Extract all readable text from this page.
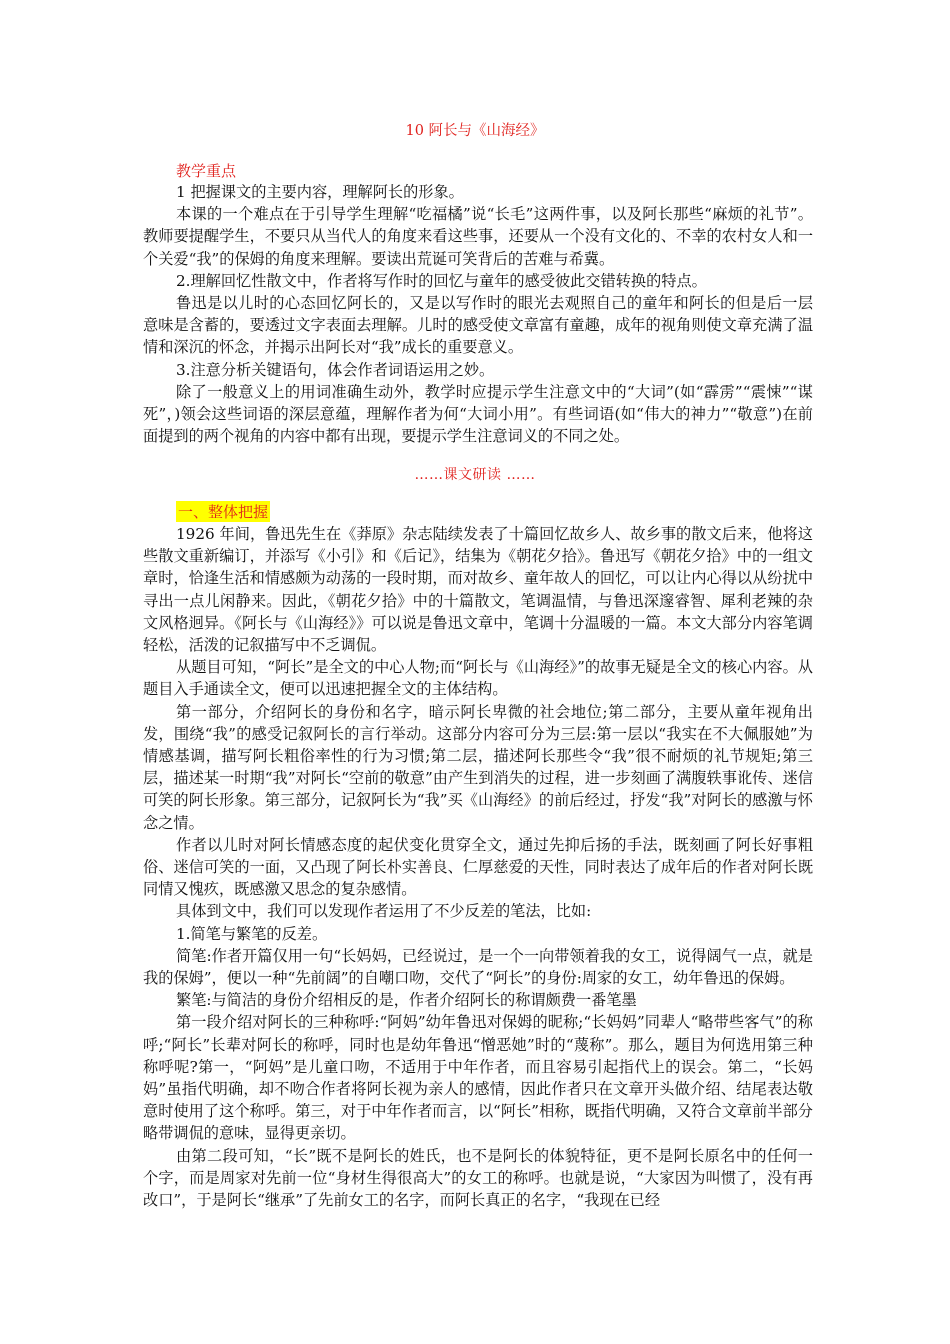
10 阿长与《山海经》
教学重点

1 把握课文的主要内容，理解阿长的形象。

本课的一个难点在于引导学生理解“吃福橘”说“长毛”这两件事，以及阿长那些“麻烦的礼节”。教师要提醒学生，不要只从当代人的角度来看这些事，还要从一个没有文化的、不幸的农村女人和一个关爱“我”的保姆的角度来理解。要读出荒诞可笑背后的苦难与希冀。

2.理解回忆性散文中，作者将写作时的回忆与童年的感受彼此交错转换的特点。

鲁迅是以儿时的心态回忆阿长的，又是以写作时的眼光去观照自己的童年和阿长的但是后一层意味是含蓄的，要透过文字表面去理解。儿时的感受使文章富有童趣，成年的视角则使文章充满了温情和深沉的怀念，并揭示出阿长对“我”成长的重要意义。

3.注意分析关键语句，体会作者词语运用之妙。

除了一般意义上的用词准确生动外，教学时应提示学生注意文中的“大词”(如“霹雳”“震悚”“谋死”，)领会这些词语的深层意蕴，理解作者为何“大词小用”。有些词语(如“伟大的神力”“敬意”)在前面提到的两个视角的内容中都有出现，要提示学生注意词义的不同之处。

……课文研读 ……
一、整体把握

1926 年间，鲁迅先生在《莽原》杂志陆续发表了十篇回忆故乡人、故乡事的散文后来，他将这些散文重新编订，并添写《小引》和《后记》，结集为《朝花夕拾》。鲁迅写《朝花夕拾》中的一组文章时，恰逢生活和情感颇为动荡的一段时期，而对故乡、童年故人的回忆，可以让内心得以从纷扰中寻出一点儿闲静来。因此，《朝花夕拾》中的十篇散文，笔调温情，与鲁迅深邃睿智、犀利老辣的杂文风格迥异。《阿长与《山海经》》可以说是鲁迅文章中，笔调十分温暖的一篇。本文大部分内容笔调轻松，活泼的记叙描写中不乏调侃。

从题目可知，“阿长”是全文的中心人物;而“阿长与《山海经》”的故事无疑是全文的核心内容。从题目入手通读全文，便可以迅速把握全文的主体结构。

第一部分，介绍阿长的身份和名字，暗示阿长卑微的社会地位;第二部分，主要从童年视角出发，围绕“我”的感受记叙阿长的言行举动。这部分内容可分为三层:第一层以“我实在不大佩服她”为情感基调，描写阿长粗俗率性的行为习惯;第二层，描述阿长那些令“我”很不耐烦的礼节规矩;第三层，描述某一时期“我”对阿长“空前的敬意”由产生到消失的过程，进一步刻画了满腹轶事讹传、迷信可笑的阿长形象。第三部分，记叙阿长为“我”买《山海经》的前后经过，抒发“我”对阿长的感激与怀念之情。

作者以儿时对阿长情感态度的起伏变化贯穿全文，通过先抑后扬的手法，既刻画了阿长好事粗俗、迷信可笑的一面，又凸现了阿长朴实善良、仁厚慈爱的天性，同时表达了成年后的作者对阿长既同情又愧疚，既感激又思念的复杂感情。

具体到文中，我们可以发现作者运用了不少反差的笔法，比如:

1.简笔与繁笔的反差。

简笔:作者开篇仅用一句“长妈妈，已经说过，是一个一向带领着我的女工，说得阔气一点，就是我的保姆”，便以一种“先前阔”的自嘲口吻，交代了“阿长”的身份:周家的女工，幼年鲁迅的保姆。

繁笔:与简洁的身份介绍相反的是，作者介绍阿长的称谓颇费一番笔墨

第一段介绍对阿长的三种称呼:“阿妈”幼年鲁迅对保姆的昵称;“长妈妈”同辈人“略带些客气”的称呼;“阿长”长辈对阿长的称呼，同时也是幼年鲁迅“憎恶她”时的“蔑称”。那么，题目为何选用第三种称呼呢?第一，“阿妈”是儿童口吻，不适用于中年作者，而且容易引起指代上的误会。第二，“长妈妈”虽指代明确，却不吻合作者将阿长视为亲人的感情，因此作者只在文章开头做介绍、结尾表达敬意时使用了这个称呼。第三，对于中年作者而言，以“阿长”相称，既指代明确，又符合文章前半部分略带调侃的意味，显得更亲切。

由第二段可知，“长”既不是阿长的姓氏，也不是阿长的体貌特征，更不是阿长原名中的任何一个字，而是周家对先前一位“身材生得很高大”的女工的称呼。也就是说，“大家因为叫惯了，没有再改口”，于是阿长“继承”了先前女工的名字，而阿长真正的名字，“我现在已经
